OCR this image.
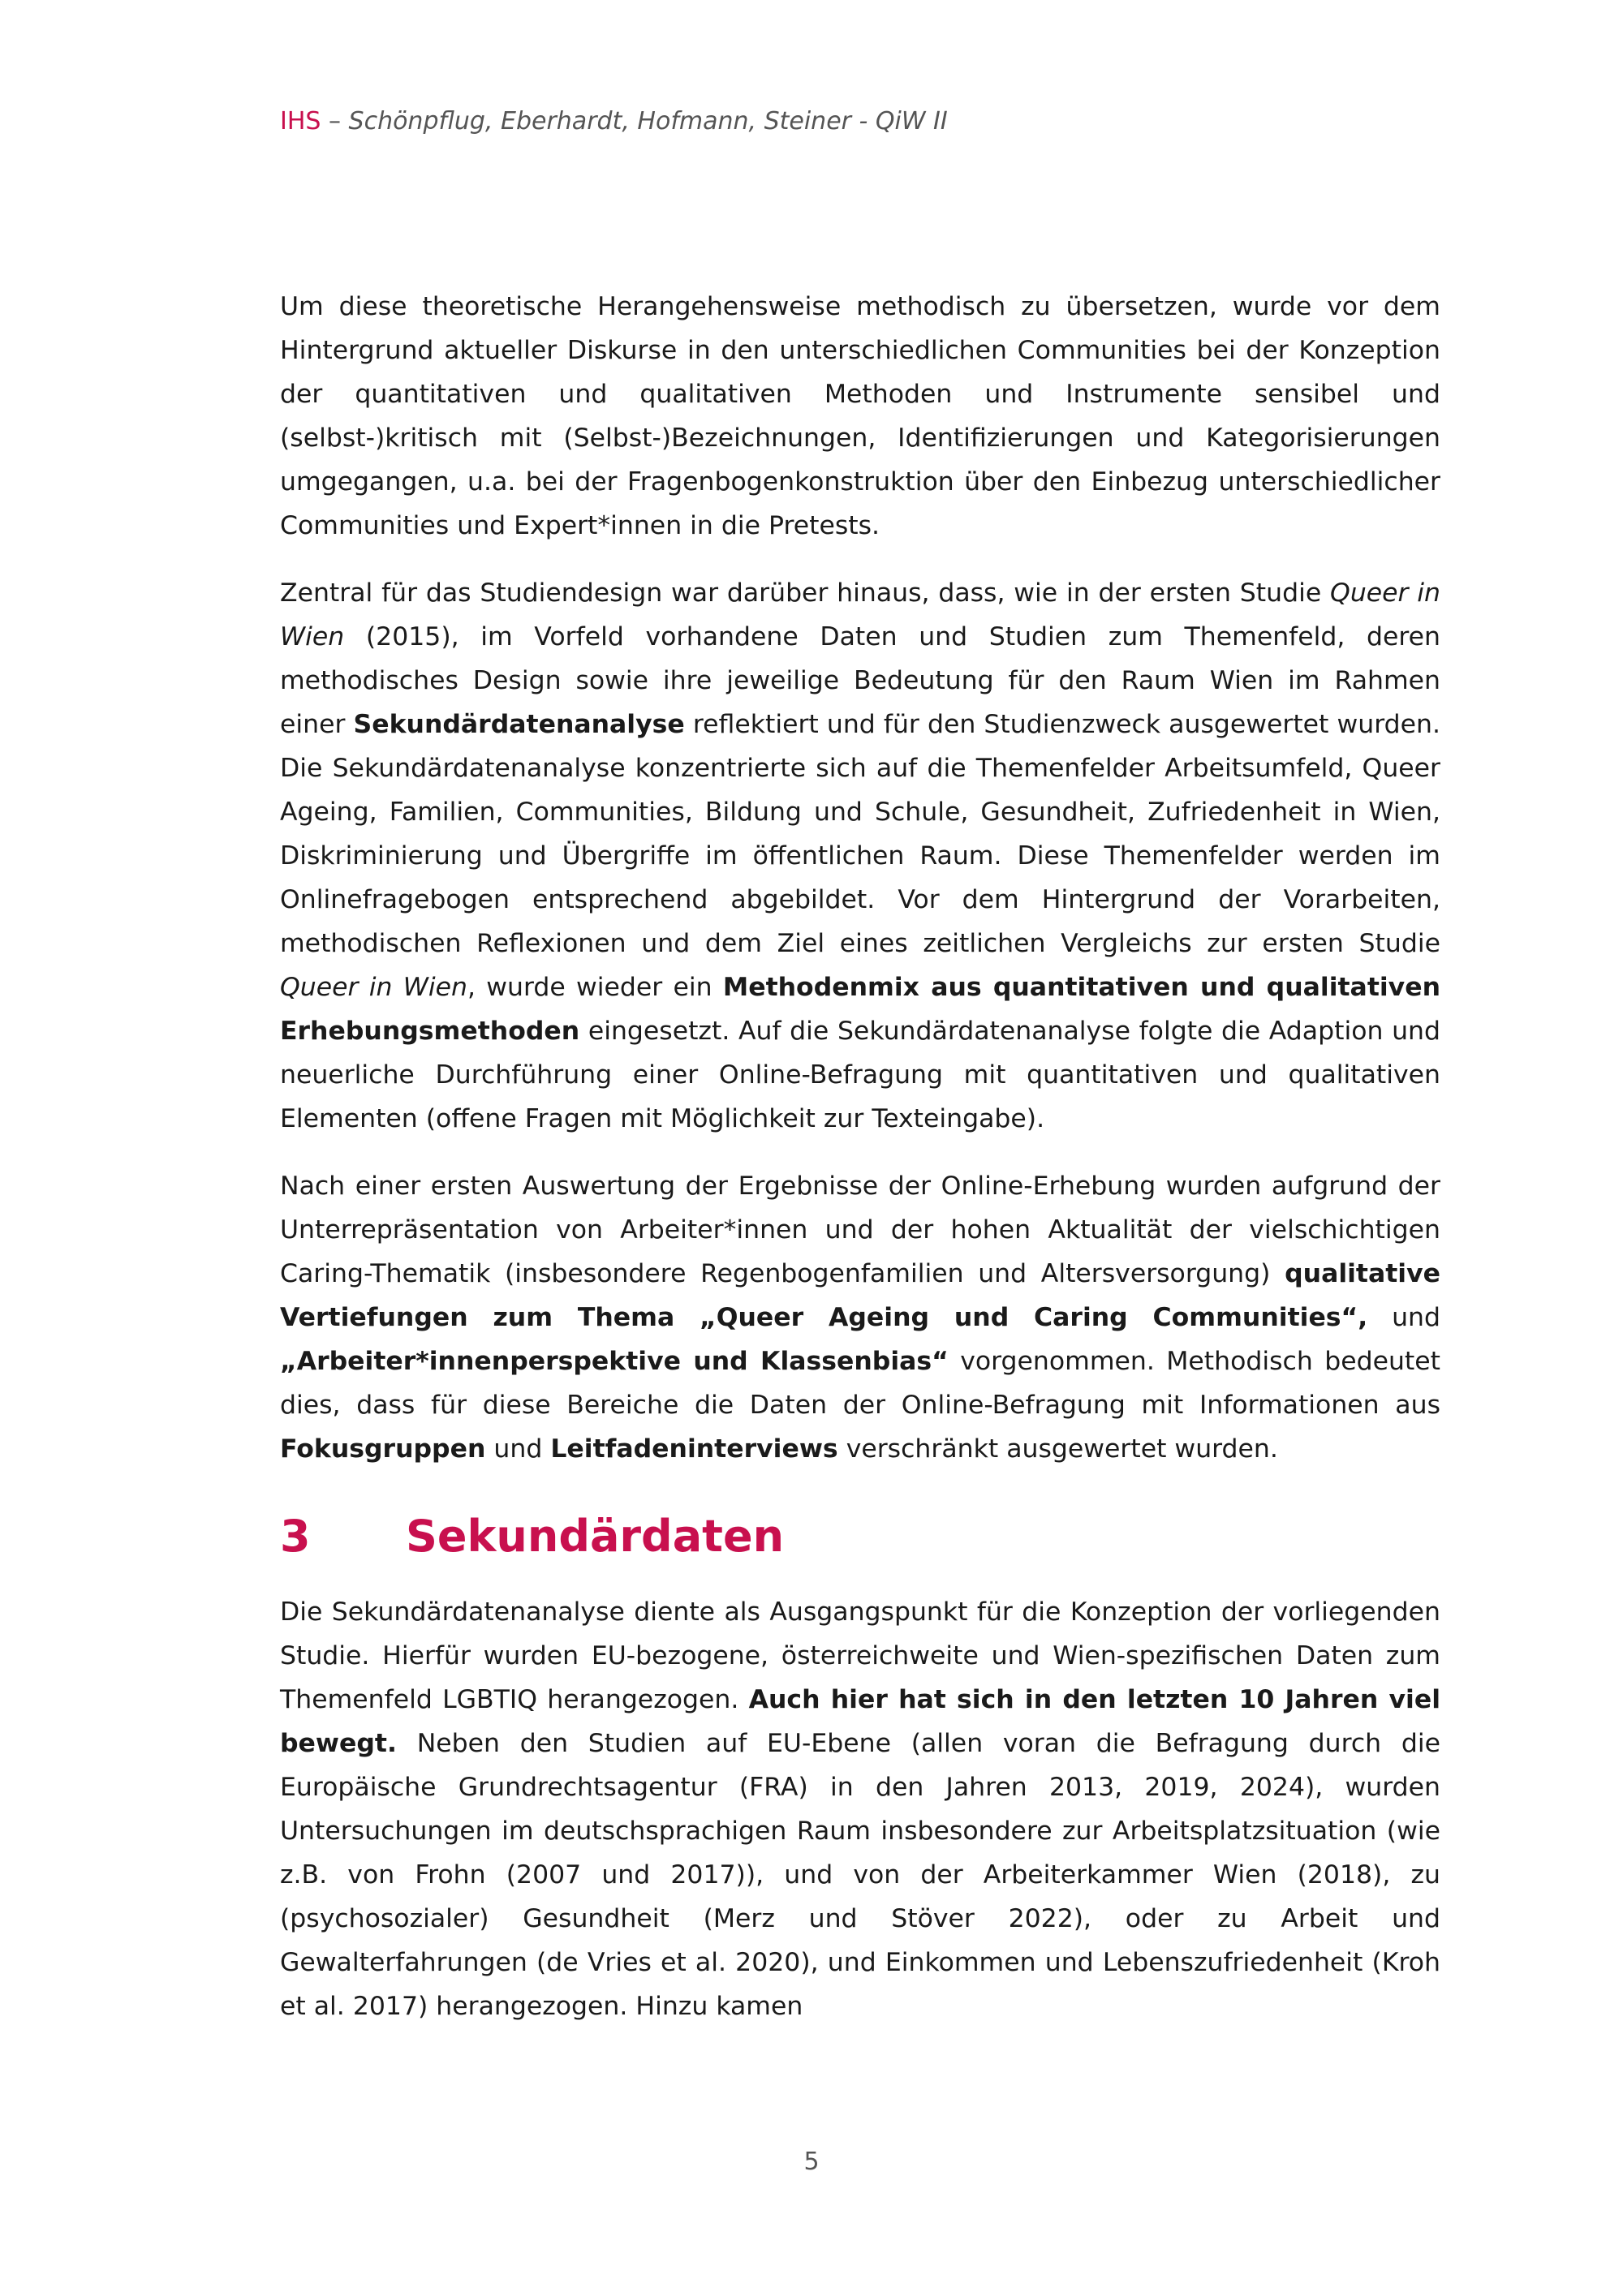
IHS – Schönpflug, Eberhardt, Hofmann, Steiner - QiW II

Um diese theoretische Herangehensweise methodisch zu übersetzen, wurde vor dem Hintergrund aktueller Diskurse in den unterschiedlichen Communities bei der Konzeption der quantitativen und qualitativen Methoden und Instrumente sensibel und (selbst-)kritisch mit (Selbst-)Bezeichnungen, Identifizierungen und Kategorisierungen umgegangen, u.a. bei der Fragenbogenkonstruktion über den Einbezug unterschiedlicher Communities und Expert*innen in die Pretests.

Zentral für das Studiendesign war darüber hinaus, dass, wie in der ersten Studie Queer in Wien (2015), im Vorfeld vorhandene Daten und Studien zum Themenfeld, deren methodisches Design sowie ihre jeweilige Bedeutung für den Raum Wien im Rahmen einer Sekundärdatenanalyse reflektiert und für den Studienzweck ausgewertet wurden. Die Sekundärdatenanalyse konzentrierte sich auf die Themenfelder Arbeitsumfeld, Queer Ageing, Familien, Communities, Bildung und Schule, Gesundheit, Zufriedenheit in Wien, Diskriminierung und Übergriffe im öffentlichen Raum. Diese Themenfelder werden im Onlinefragebogen entsprechend abgebildet. Vor dem Hintergrund der Vorarbeiten, methodischen Reflexionen und dem Ziel eines zeitlichen Vergleichs zur ersten Studie Queer in Wien, wurde wieder ein Methodenmix aus quantitativen und qualitativen Erhebungsmethoden eingesetzt. Auf die Sekundärdatenanalyse folgte die Adaption und neuerliche Durchführung einer Online-Befragung mit quantitativen und qualitativen Elementen (offene Fragen mit Möglichkeit zur Texteingabe).

Nach einer ersten Auswertung der Ergebnisse der Online-Erhebung wurden aufgrund der Unterrepräsentation von Arbeiter*innen und der hohen Aktualität der vielschichtigen Caring-Thematik (insbesondere Regenbogenfamilien und Altersversorgung) qualitative Vertiefungen zum Thema „Queer Ageing und Caring Communities“, und „Arbeiter*innenperspektive und Klassenbias“ vorgenommen. Methodisch bedeutet dies, dass für diese Bereiche die Daten der Online-Befragung mit Informationen aus Fokusgruppen und Leitfadeninterviews verschränkt ausgewertet wurden.

3 Sekundärdaten

Die Sekundärdatenanalyse diente als Ausgangspunkt für die Konzeption der vorliegenden Studie. Hierfür wurden EU-bezogene, österreichweite und Wien-spezifischen Daten zum Themenfeld LGBTIQ herangezogen. Auch hier hat sich in den letzten 10 Jahren viel bewegt. Neben den Studien auf EU-Ebene (allen voran die Befragung durch die Europäische Grundrechtsagentur (FRA) in den Jahren 2013, 2019, 2024), wurden Untersuchungen im deutschsprachigen Raum insbesondere zur Arbeitsplatzsituation (wie z.B. von Frohn (2007 und 2017)), und von der Arbeiterkammer Wien (2018), zu (psychosozialer) Gesundheit (Merz und Stöver 2022), oder zu Arbeit und Gewalterfahrungen (de Vries et al. 2020), und Einkommen und Lebenszufriedenheit (Kroh et al. 2017) herangezogen. Hinzu kamen

5
